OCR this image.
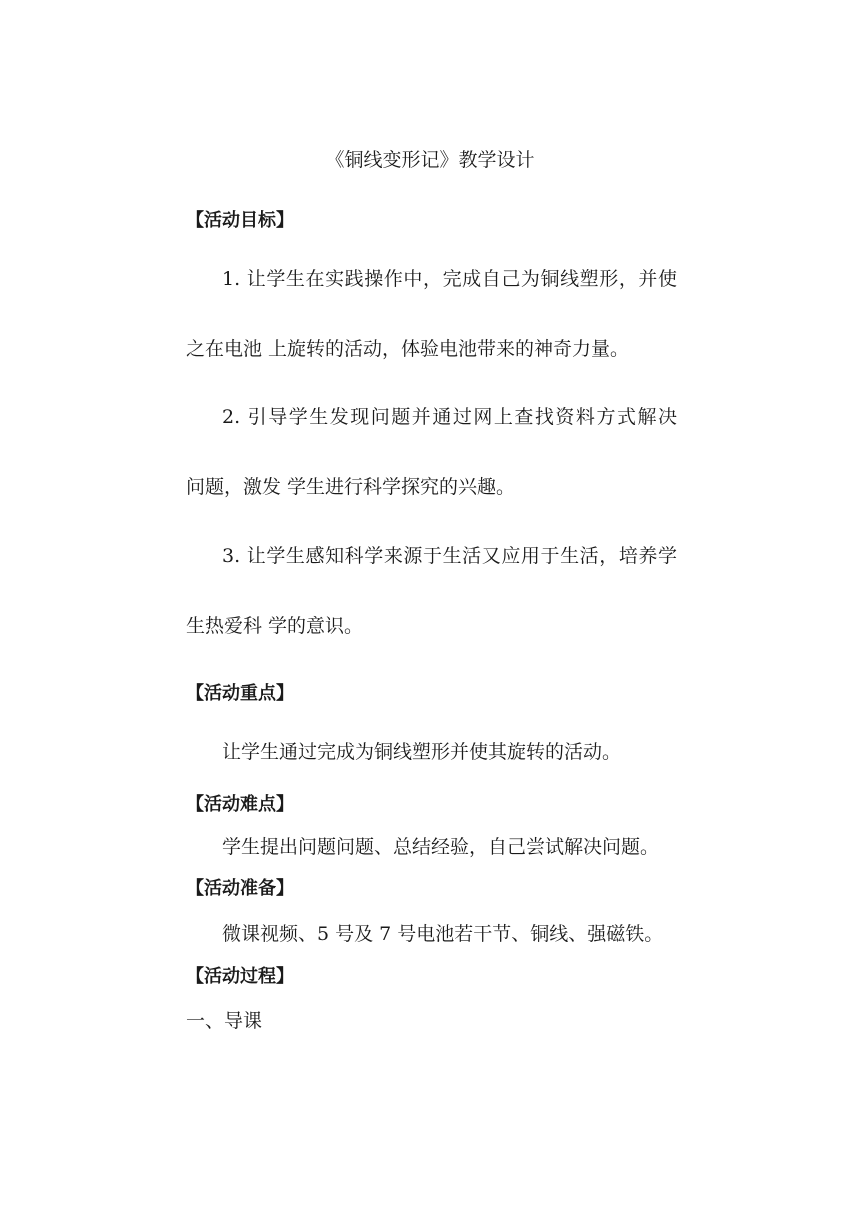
《铜线变形记》教学设计
【活动目标】
1. 让学生在实践操作中，完成自己为铜线塑形，并使
之在电池 上旋转的活动，体验电池带来的神奇力量。
2. 引导学生发现问题并通过网上查找资料方式解决
问题，激发 学生进行科学探究的兴趣。
3. 让学生感知科学来源于生活又应用于生活，培养学
生热爱科 学的意识。
【活动重点】
让学生通过完成为铜线塑形并使其旋转的活动。
【活动难点】
学生提出问题问题、总结经验，自己尝试解决问题。
【活动准备】
微课视频、5 号及 7 号电池若干节、铜线、强磁铁。
【活动过程】
一、导课
